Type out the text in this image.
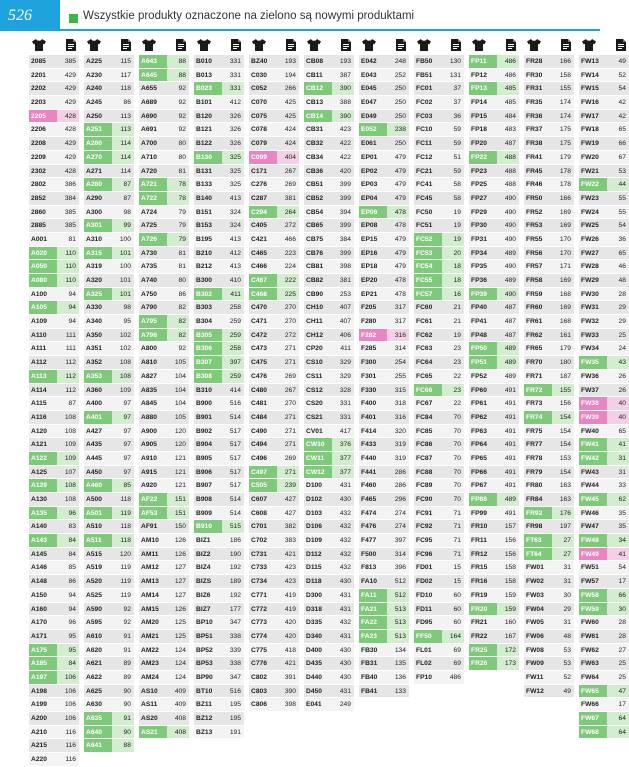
526	Wszystkie produkty oznaczone na zielono są nowymi produktami
2085	385
2201	429
2202	429
2203	429
2205	428
2206	428
2208	429
2209	429
2302	428
2802	386
2852	384
2860	385
2885	385
A001	81
A020	110
A050	110
A080	110
A100	94
A105	94
A109	94
A110	111
A111	111
A112	112
A113	112
A114	112
A115	87
A116	108
A120	108
A121	109
A122	109
A125	107
A129	108
A130	108
A135	96
A140	83
A143	84
A145	84
A146	85
A148	86
A150	94
A160	94
A170	96
A171	95
A175	95
A185	84
A197	106
A198	106
A199	106
A200	106
A210	116
A215	116
A220	116
A225	115
A230	117
A240	118
A245	86
A250	113
A251	113
A260	114
A270	114
A271	114
A280	87
A290	87
A300	98
A301	99
A310	100
A315	101
A319	100
A320	101
A325	101
A330	98
A340	95
A350	102
A351	102
A352	108
A353	108
A360	109
A400	97
A401	97
A427	97
A435	97
A445	97
A450	97
A460	85
A500	118
A501	119
A510	118
A511	118
A515	120
A519	119
A520	119
A525	119
A590	92
A595	92
A610	91
A620	91
A621	89
A622	89
A625	90
A630	90
A635	91
A640	90
A641	88
A643	88
A645	88
A655	92
A689	92
A690	92
A691	92
A700	80
A710	80
A720	81
A721	78
A722	78
A724	79
A725	79
A726	79
A730	81
A735	81
A740	80
A750	86
A790	82
A795	82
A796	82
A800	92
A810	105
A827	104
A835	104
A845	104
A880	105
A900	120
A905	120
A910	121
A915	121
A920	121
AF22	151
AF53	151
AF91	150
AM10	126
AM11	126
AM12	127
AM13	127
AM14	127
AM15	126
AM20	125
AM21	125
AM22	124
AM23	124
AM24	124
AS10	409
AS11	409
AS20	408
AS21	408
B010	331
B013	331
B023	331
B101	412
B120	326
B121	326
B122	326
B130	325
B131	325
B133	325
B140	413
B151	324
B153	324
B195	413
B210	412
B212	413
B300	410
B302	411
B303	258
B304	259
B305	259
B306	258
B307	397
B308	259
B310	414
B900	516
B901	514
B902	517
B904	517
B905	517
B906	517
B907	517
B908	514
B909	514
B910	515
BIZ1	186
BIZ2	190
BIZ4	192
BIZS	189
BIZ6	192
BIZ7	177
BP10	347
BP51	338
BP52	339
BP53	338
BP90	347
BT10	516
BZ11	195
BZ12	195
BZ13	191
BZ40	193
C030	194
C052	266
C070	425
C075	425
C078	424
C079	424
C099	404
C171	267
C276	269
C287	381
C294	264
C405	272
C421	466
C465	223
C466	224
C467	222
C468	225
C470	270
C471	270
C472	272
C473	271
C475	271
C476	269
C480	267
C481	270
C484	271
C490	271
C494	271
C496	269
C497	271
C505	239
C607	427
C608	427
C701	382
C702	383
C731	421
C733	423
C734	423
C771	419
C772	419
C773	420
C774	420
C775	418
C776	421
C802	391
C803	390
C806	398
CB08	193
CB11	387
CB12	390
CB13	388
CB14	390
CB31	423
CB32	422
CB34	422
CB36	420
CB51	399
CB52	399
CB54	394
CB65	399
CB75	384
CB76	399
CB81	398
CB82	381
CB90	253
CH10	407
CH11	407
CH12	406
CP20	411
CS10	329
CS11	329
CS12	328
CS20	331
CS21	331
CV01	417
CW10	376
CW11	377
CW12	377
D100	431
D102	430
D103	432
D106	432
D109	432
D112	432
D115	432
D118	430
D300	431
D318	431
D335	432
D340	431
D400	430
D435	430
D440	430
D450	431
E041	249
E042	248
E043	252
E045	250
E047	250
E049	250
E052	238
E061	250
EP01	479
EP02	479
EP03	479
EP04	479
EP06	478
EP08	478
EP15	479
EP16	479
EP18	479
EP20	478
EP21	478
F205	317
F280	317
F282	316
F285	314
F300	254
F301	255
F330	315
F400	318
F401	316
F414	320
F433	319
F440	319
F441	286
F460	286
F465	296
F474	274
F476	274
F477	397
F500	314
F813	396
FA10	512
FA11	512
FA21	513
FA22	513
FA23	513
FB30	134
FB31	135
FB40	136
FB41	133
FB50	130
FB51	131
FC01	37
FC02	37
FC03	36
FC10	59
FC11	59
FC12	51
FC21	59
FC41	58
FC45	58
FC50	19
FC51	19
FC52	19
FC53	20
FC54	18
FC55	18
FC57	16
FC60	21
FC61	21
FC62	19
FC63	23
FC64	23
FC65	22
FC66	23
FC67	22
FC84	70
FC85	70
FC86	70
FC87	70
FC88	70
FC89	70
FC90	70
FC91	71
FC92	71
FC95	71
FC96	71
FD01	15
FD02	15
FD10	60
FD11	60
FD95	60
FF50	164
FL01	69
FL02	69
FP10	486
FP11	486
FP12	486
FP13	485
FP14	485
FP15	484
FP18	483
FP20	487
FP22	488
FP23	488
FP25	488
FP27	490
FP29	490
FP30	490
FP31	490
FP34	489
FP35	490
FP36	489
FP39	490
FP40	487
FP41	487
FP48	487
FP50	489
FP51	489
FP52	489
FP60	491
FP61	491
FP62	491
FP63	491
FP64	491
FP65	491
FP66	491
FP67	491
FP88	489
FP99	491
FR10	157
FR11	156
FR12	156
FR15	158
FR16	158
FR19	159
FR20	159
FR21	160
FR22	167
FR25	172
FR26	173
FR28	166
FR30	158
FR31	155
FR35	174
FR36	174
FR37	175
FR38	175
FR41	179
FR45	178
FR46	178
FR50	166
FR52	169
FR53	169
FR55	170
FR56	170
FR57	171
FR58	169
FR59	168
FR60	169
FR61	168
FR62	161
FR65	179
FR70	180
FR71	187
FR72	155
FR73	156
FR74	154
FR75	154
FR77	154
FR78	153
FR79	154
FR80	163
FR84	163
FR92	176
FR98	197
FT63	27
FT64	27
FW01	31
FW02	31
FW03	30
FW04	29
FW05	31
FW06	48
FW08	53
FW09	53
FW11	52
FW12	49
FW13	49
FW14	52
FW15	54
FW16	42
FW17	42
FW18	65
FW19	66
FW20	67
FW21	53
FW22	44
FW23	55
FW24	55
FW25	54
FW26	36
FW27	65
FW28	46
FW29	48
FW30	28
FW31	29
FW32	29
FW33	25
FW34	24
FW35	43
FW36	26
FW37	26
FW38	40
FW39	40
FW40	65
FW41	41
FW42	31
FW43	31
FW44	33
FW45	62
FW46	35
FW47	35
FW48	34
FW49	41
FW51	54
FW57	17
FW58	66
FW59	30
FW60	28
FW61	28
FW62	27
FW63	25
FW64	25
FW65	47
FW66	17
FW67	64
FW68	64
